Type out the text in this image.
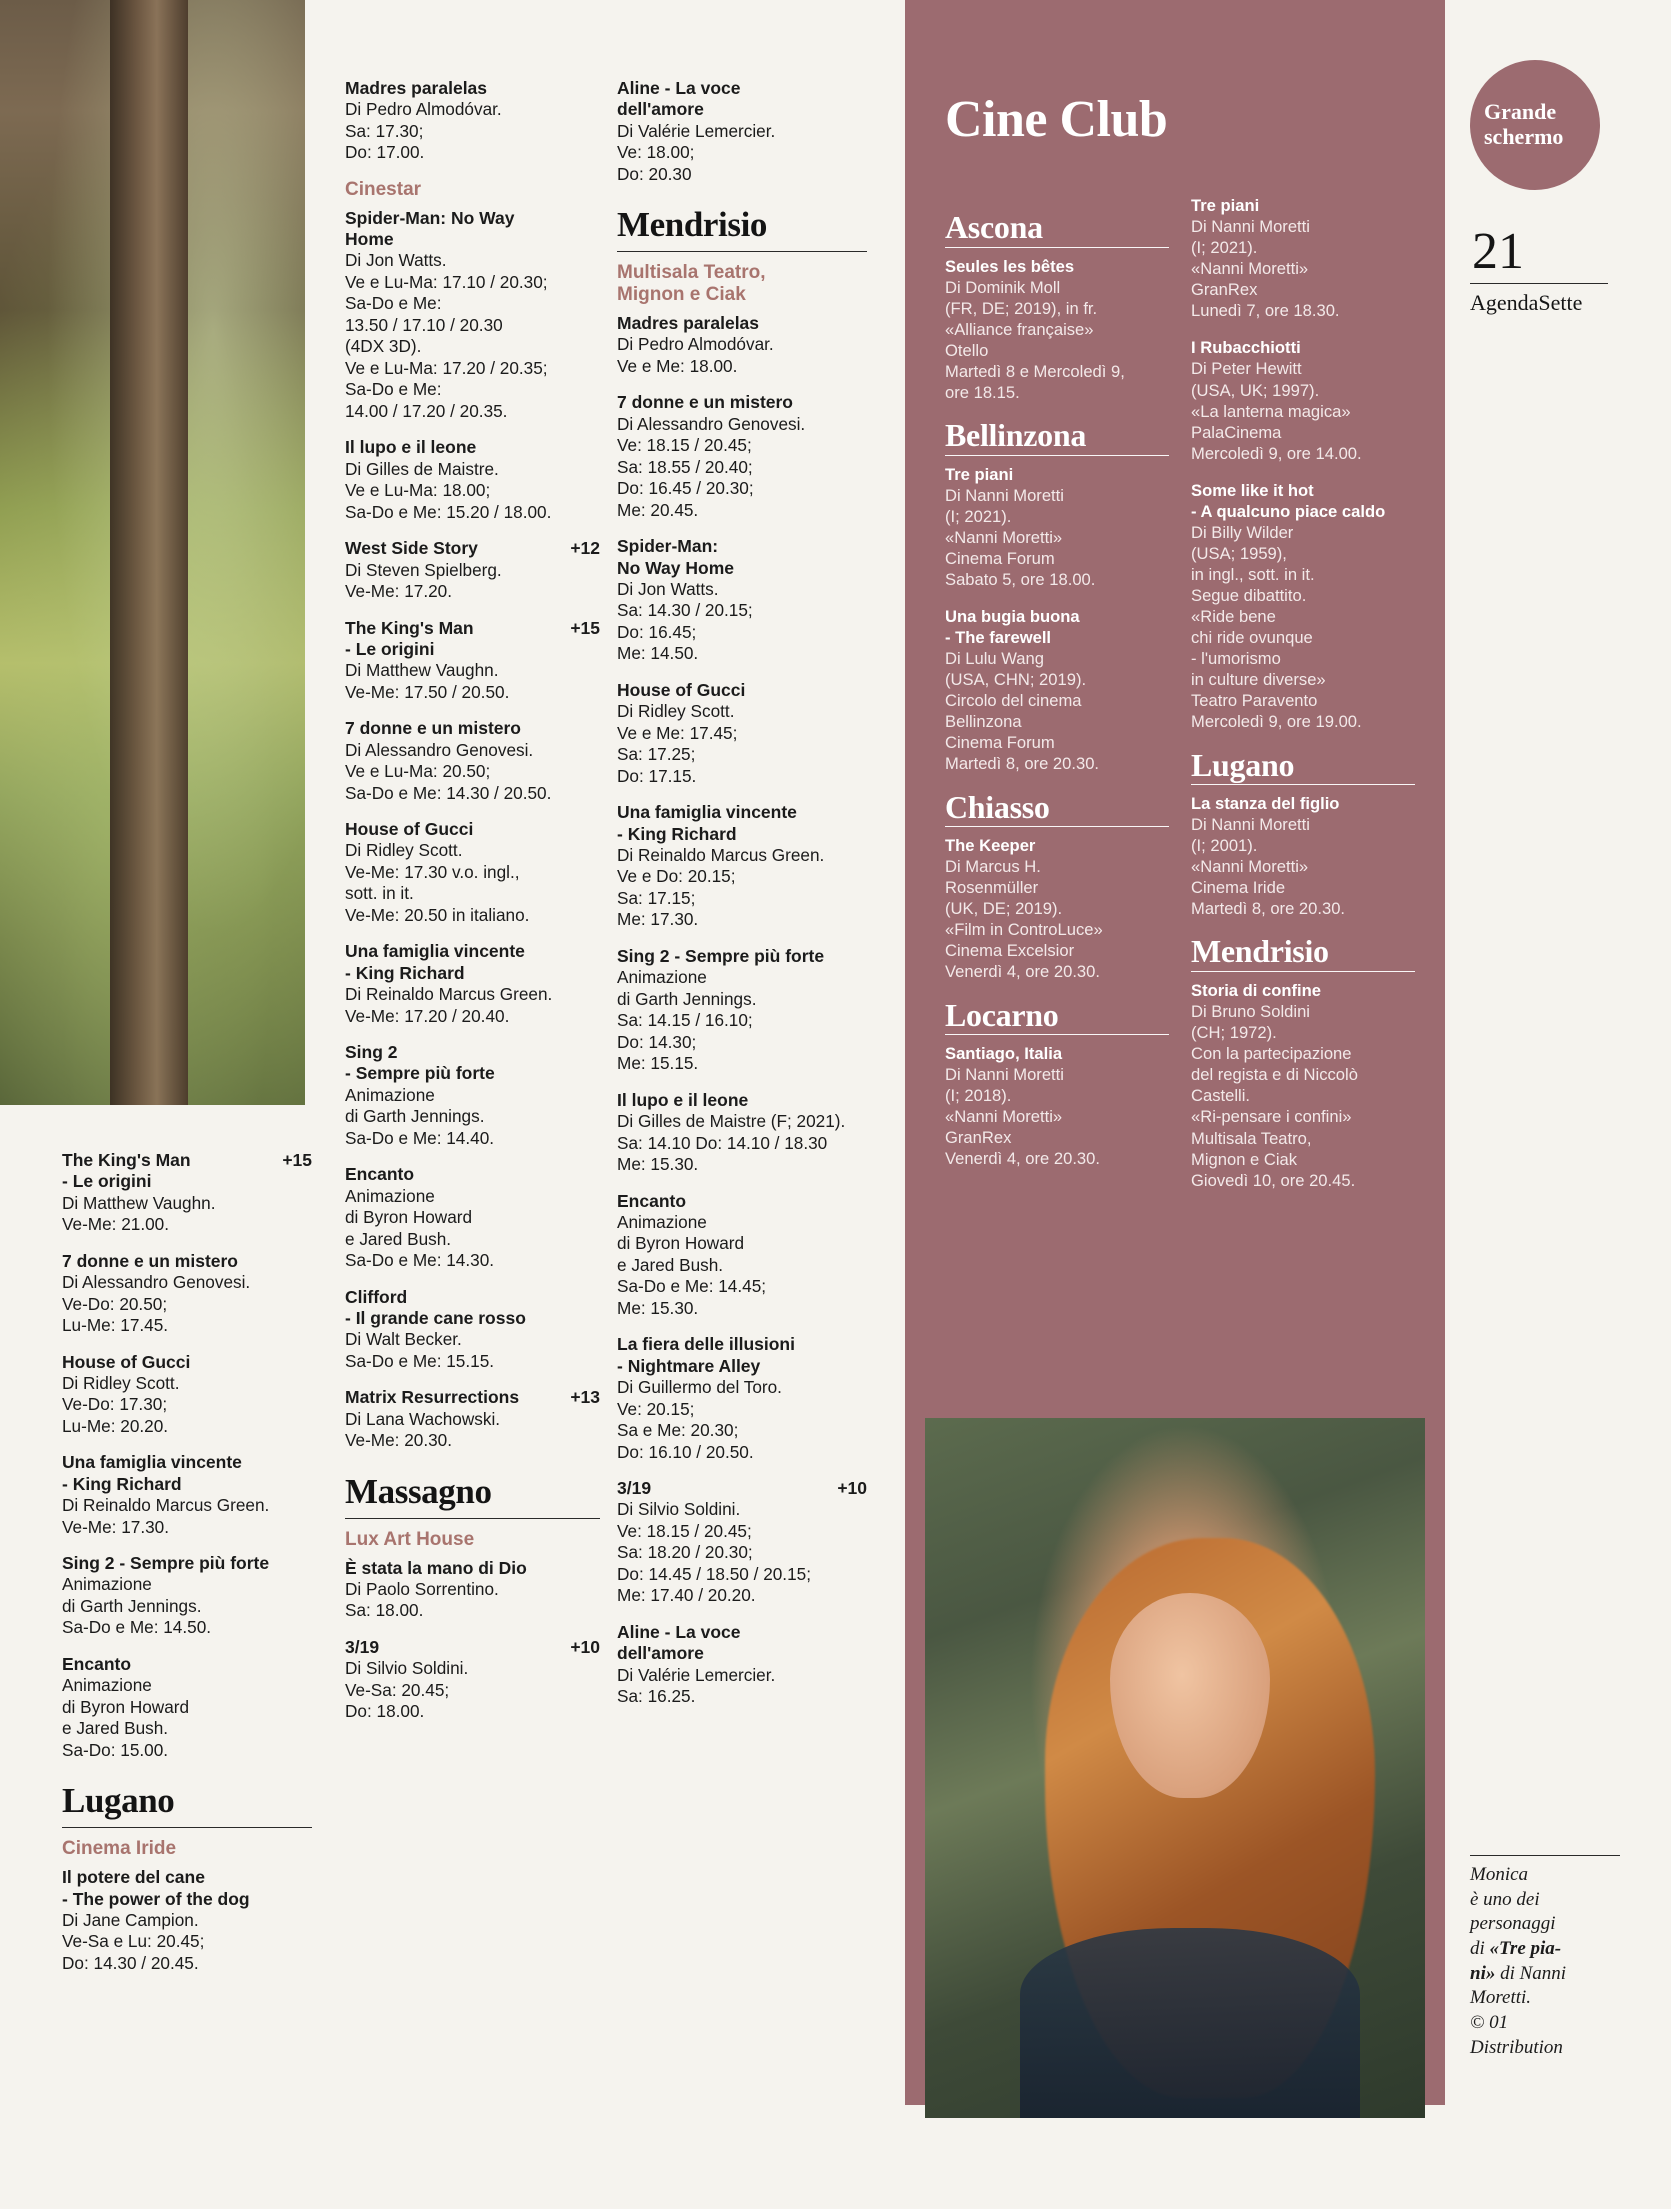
The King's Man
- Le origini
+15
Di Matthew Vaughn.
Ve-Me: 21.00.
7 donne e un mistero
Di Alessandro Genovesi.
Ve-Do: 20.50;
Lu-Me: 17.45.
House of Gucci
Di Ridley Scott.
Ve-Do: 17.30;
Lu-Me: 20.20.
Una famiglia vincente
- King Richard
Di Reinaldo Marcus Green.
Ve-Me: 17.30.
Sing 2 - Sempre più forte
Animazione
di Garth Jennings.
Sa-Do e Me: 14.50.
Encanto
Animazione
di Byron Howard
e Jared Bush.
Sa-Do: 15.00.
Lugano
Cinema Iride
Il potere del cane
- The power of the dog
Di Jane Campion.
Ve-Sa e Lu: 20.45;
Do: 14.30 / 20.45.
Madres paralelas
Di Pedro Almodóvar.
Sa: 17.30;
Do: 17.00.
Cinestar
Spider-Man: No Way Home
Di Jon Watts.
Ve e Lu-Ma: 17.10 / 20.30;
Sa-Do e Me:
13.50 / 17.10 / 20.30
(4DX 3D).
Ve e Lu-Ma: 17.20 / 20.35;
Sa-Do e Me:
14.00 / 17.20 / 20.35.
Il lupo e il leone
Di Gilles de Maistre.
Ve e Lu-Ma: 18.00;
Sa-Do e Me: 15.20 / 18.00.
West Side Story	+12
Di Steven Spielberg.
Ve-Me: 17.20.
The King's Man
- Le origini
+15
Di Matthew Vaughn.
Ve-Me: 17.50 / 20.50.
7 donne e un mistero
Di Alessandro Genovesi.
Ve e Lu-Ma: 20.50;
Sa-Do e Me: 14.30 / 20.50.
House of Gucci
Di Ridley Scott.
Ve-Me: 17.30 v.o. ingl.,
sott. in it.
Ve-Me: 20.50 in italiano.
Una famiglia vincente
- King Richard
Di Reinaldo Marcus Green.
Ve-Me: 17.20 / 20.40.
Sing 2
- Sempre più forte
Animazione
di Garth Jennings.
Sa-Do e Me: 14.40.
Encanto
Animazione
di Byron Howard
e Jared Bush.
Sa-Do e Me: 14.30.
Clifford
- Il grande cane rosso
Di Walt Becker.
Sa-Do e Me: 15.15.
Matrix Resurrections	+13
Di Lana Wachowski.
Ve-Me: 20.30.
Massagno
Lux Art House
È stata la mano di Dio
Di Paolo Sorrentino.
Sa: 18.00.
3/19	+10
Di Silvio Soldini.
Ve-Sa: 20.45;
Do: 18.00.
Aline - La voce dell'amore
Di Valérie Lemercier.
Ve: 18.00;
Do: 20.30
Mendrisio
Multisala Teatro,
Mignon e Ciak
Madres paralelas
Di Pedro Almodóvar.
Ve e Me: 18.00.
7 donne e un mistero
Di Alessandro Genovesi.
Ve: 18.15 / 20.45;
Sa: 18.55 / 20.40;
Do: 16.45 / 20.30;
Me: 20.45.
Spider-Man:
No Way Home
Di Jon Watts.
Sa: 14.30 / 20.15;
Do: 16.45;
Me: 14.50.
House of Gucci
Di Ridley Scott.
Ve e Me: 17.45;
Sa: 17.25;
Do: 17.15.
Una famiglia vincente
- King Richard
Di Reinaldo Marcus Green.
Ve e Do: 20.15;
Sa: 17.15;
Me: 17.30.
Sing 2 - Sempre più forte
Animazione
di Garth Jennings.
Sa: 14.15 / 16.10;
Do: 14.30;
Me: 15.15.
Il lupo e il leone
Di Gilles de Maistre (F; 2021).
Sa: 14.10 Do: 14.10 / 18.30
Me: 15.30.
Encanto
Animazione
di Byron Howard
e Jared Bush.
Sa-Do e Me: 14.45;
Me: 15.30.
La fiera delle illusioni
- Nightmare Alley
Di Guillermo del Toro.
Ve: 20.15;
Sa e Me: 20.30;
Do: 16.10 / 20.50.
3/19	+10
Di Silvio Soldini.
Ve: 18.15 / 20.45;
Sa: 18.20 / 20.30;
Do: 14.45 / 18.50 / 20.15;
Me: 17.40 / 20.20.
Aline - La voce dell'amore
Di Valérie Lemercier.
Sa: 16.25.
Cine Club
Ascona
Seules les bêtes
Di Dominik Moll
(FR, DE; 2019), in fr.
«Alliance française»
Otello
Martedì 8 e Mercoledì 9,
ore 18.15.
Bellinzona
Tre piani
Di Nanni Moretti
(I; 2021).
«Nanni Moretti»
Cinema Forum
Sabato 5, ore 18.00.
Una bugia buona
- The farewell
Di Lulu Wang
(USA, CHN; 2019).
Circolo del cinema
Bellinzona
Cinema Forum
Martedì 8, ore 20.30.
Chiasso
The Keeper
Di Marcus H.
Rosenmüller
(UK, DE; 2019).
«Film in ControLuce»
Cinema Excelsior
Venerdì 4, ore 20.30.
Locarno
Santiago, Italia
Di Nanni Moretti
(I; 2018).
«Nanni Moretti»
GranRex
Venerdì 4, ore 20.30.
Tre piani
Di Nanni Moretti
(I; 2021).
«Nanni Moretti»
GranRex
Lunedì 7, ore 18.30.
I Rubacchiotti
Di Peter Hewitt
(USA, UK; 1997).
«La lanterna magica»
PalaCinema
Mercoledì 9, ore 14.00.
Some like it hot
- A qualcuno piace caldo
Di Billy Wilder
(USA; 1959),
in ingl., sott. in it.
Segue dibattito.
«Ride bene
chi ride ovunque
- l'umorismo
in culture diverse»
Teatro Paravento
Mercoledì 9, ore 19.00.
Lugano
La stanza del figlio
Di Nanni Moretti
(I; 2001).
«Nanni Moretti»
Cinema Iride
Martedì 8, ore 20.30.
Mendrisio
Storia di confine
Di Bruno Soldini
(CH; 1972).
Con la partecipazione
del regista e di Niccolò
Castelli.
«Ri-pensare i confini»
Multisala Teatro,
Mignon e Ciak
Giovedì 10, ore 20.45.
Grande
schermo
21
AgendaSette
Monica
è uno dei
personaggi
di «Tre pia-
ni» di Nanni
Moretti.
© 01
Distribution
